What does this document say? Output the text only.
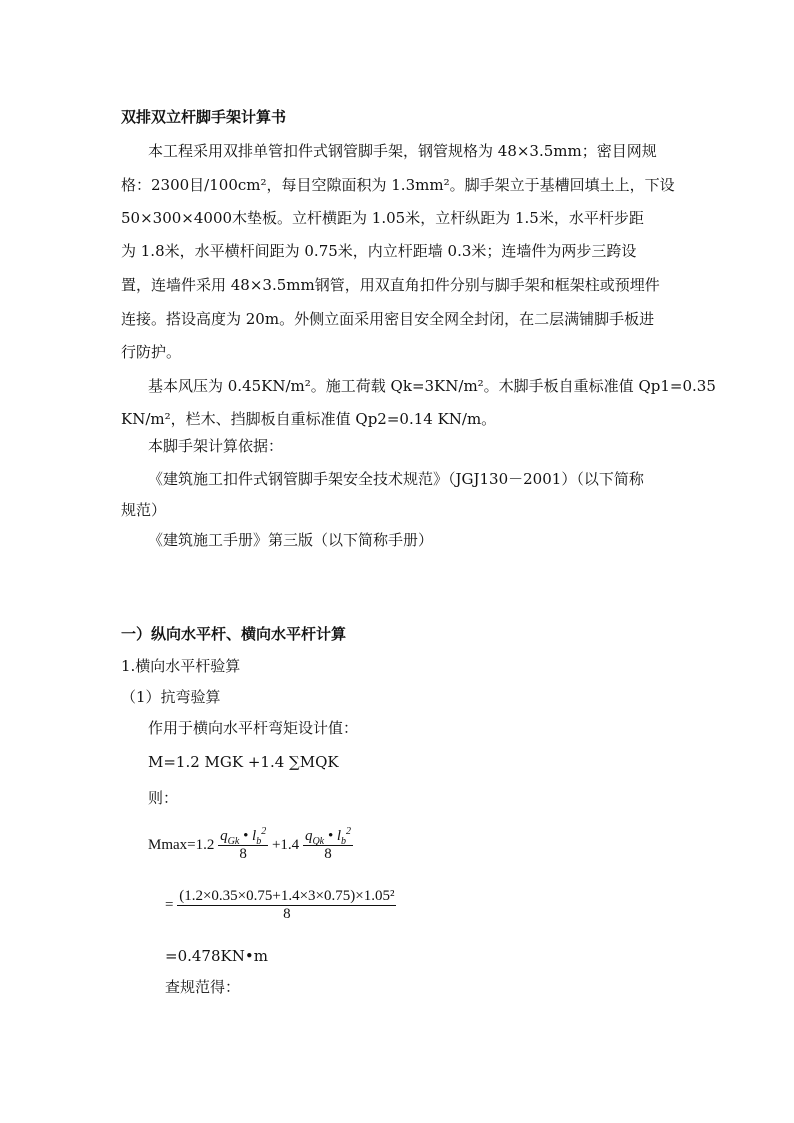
双排双立杆脚手架计算书
本工程采用双排单管扣件式钢管脚手架，钢管规格为 48×3.5mm；密目网规
格：2300目/100cm²，每目空隙面积为 1.3mm²。脚手架立于基槽回填土上，下设
50×300×4000木垫板。立杆横距为 1.05米，立杆纵距为 1.5米，水平杆步距
为 1.8米，水平横杆间距为 0.75米，内立杆距墙 0.3米；连墙件为两步三跨设
置，连墙件采用 48×3.5mm钢管，用双直角扣件分别与脚手架和框架柱或预埋件
连接。搭设高度为 20m。外侧立面采用密目安全网全封闭，在二层满铺脚手板进
行防护。
基本风压为 0.45KN/m²。施工荷载 Qk=3KN/m²。木脚手板自重标准值 Qp1=0.35
KN/m²，栏木、挡脚板自重标准值 Qp2=0.14 KN/m。
本脚手架计算依据：
《建筑施工扣件式钢管脚手架安全技术规范》（JGJ130－2001）（以下简称
规范）
《建筑施工手册》第三版（以下简称手册）
一）纵向水平杆、横向水平杆计算
1.横向水平杆验算
（1）抗弯验算
作用于横向水平杆弯矩设计值：
M=1.2 MGK +1.4 ∑MQK
则：
$Mmax=1.2 \frac{q_{Gk} • l_b^2}{8} +1.4 \frac{q_{Qk} • l_b^2}{8}$
= $\frac{\text{(1.2×0.35×0.75+1.4×3×0.75)×1.05²}}{8}$
=0.478KN•m
查规范得：
